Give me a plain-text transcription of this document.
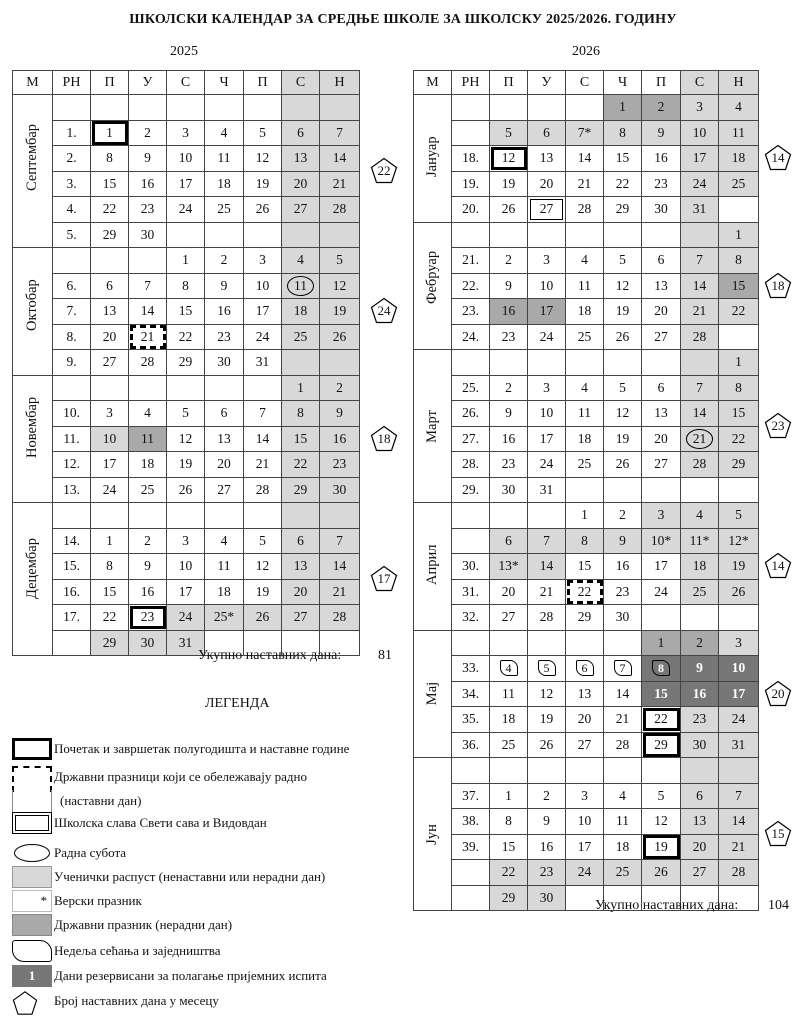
ШКОЛСКИ КАЛЕНДАР ЗА СРЕДЊЕ ШКОЛЕ ЗА ШКОЛСКУ 2025/2026. ГОДИНУ
2025	2026
М	РН	П	У	С	Ч	П	С	Н

Септембар								

	1.	1	2	3	4	5	6	7
	2.	8	9	10	11	12	13	14
	3.	15	16	17	18	19	20	21
	4.	22	23	24	25	26	27	28
	5.	29	30					

Октобар				1	2	3	4	5
	6.	6	7	8	9	10	11	12
	7.	13	14	15	16	17	18	19
	8.	20	21	22	23	24	25	26
	9.	27	28	29	30	31		

Новембар							1	2
	10.	3	4	5	6	7	8	9
	11.	10	11	12	13	14	15	16
	12.	17	18	19	20	21	22	23
	13.	24	25	26	27	28	29	30

Децембар								

	14.	1	2	3	4	5	6	7
	15.	8	9	10	11	12	13	14
	16.	15	16	17	18	19	20	21
	17.	22	23	24	25*	26	27	28
		29	30	31				
М	РН	П	У	С	Ч	П	С	Н

Јануар					1	2	3	4
		5	6	7*	8	9	10	11
	18.	12	13	14	15	16	17	18
	19.	19	20	21	22	23	24	25
	20.	26	27	28	29	30	31	

Фебруар								1
	21.	2	3	4	5	6	7	8
	22.	9	10	11	12	13	14	15
	23.	16	17	18	19	20	21	22
	24.	23	24	25	26	27	28	

Март								1
	25.	2	3	4	5	6	7	8
	26.	9	10	11	12	13	14	15
	27.	16	17	18	19	20	21	22
	28.	23	24	25	26	27	28	29
	29.	30	31					

Април				1	2	3	4	5
		6	7	8	9	10*	11*	12*
	30.	13*	14	15	16	17	18	19
	31.	20	21	22	23	24	25	26
	32.	27	28	29	30			

Мај						1	2	3
	33.	4	5	6	7	8	9	10
	34.	11	12	13	14	15	16	17
	35.	18	19	20	21	22	23	24
	36.	25	26	27	28	29	30	31

Јун								

	37.	1	2	3	4	5	6	7
	38.	8	9	10	11	12	13	14
	39.	15	16	17	18	19	20	21
		22	23	24	25	26	27	28
		29	30					
22
24
18
17
14
18
23
14
20
15
Укупно наставних дана:	81
Укупно наставних дана: 104
ЛЕГЕНДА
Почетак и завршетак полугодишта и наставне године
Државни празници који се обележавају радно
(наставни дан)
Школска слава Свети сава и Видовдан
Радна субота
Ученички распуст (ненаставни или нерадни дан)
* Верски празник
Државни празник (нерадни дан)
Недеља сећања и заједништва
1	Дани резервисани за полагање пријемних испита
Број наставних дана у месецу
